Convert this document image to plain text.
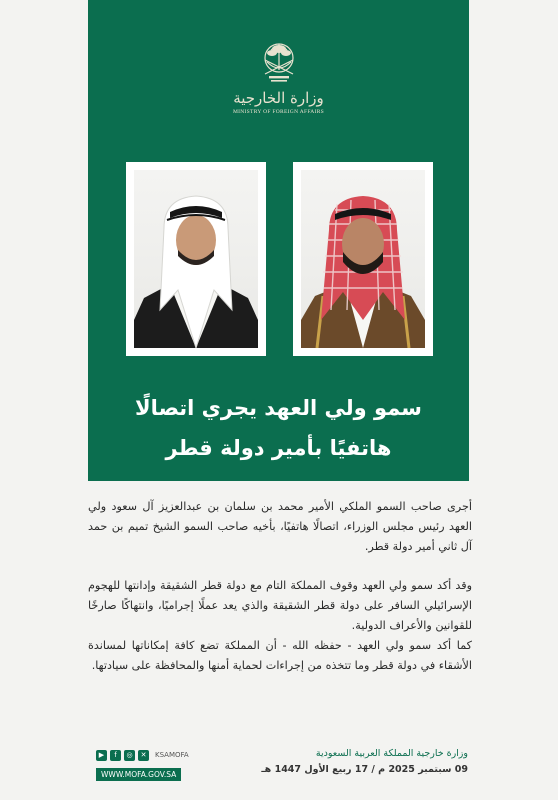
وزارة الخارجية
MINISTRY OF FOREIGN AFFAIRS
سمو ولي العهد يجري اتصالًا
هاتفيًا بأمير دولة قطر

أجرى صاحب السمو الملكي الأمير محمد بن سلمان بن عبدالعزيز آل سعود ولي العهد رئيس مجلس الوزراء، اتصالًا هاتفيًا، بأخيه صاحب السمو الشيخ تميم بن حمد آل ثاني أمير دولة قطر.

وقد أكد سمو ولي العهد وقوف المملكة التام مع دولة قطر الشقيقة وإدانتها للهجوم الإسرائيلي السافر على دولة قطر الشقيقة والذي يعد عملًا إجراميًا، وانتهاكًا صارخًا للقوانين والأعراف الدولية.

كما أكد سمو ولي العهد - حفظه الله - أن المملكة تضع كافة إمكاناتها لمساندة الأشقاء في دولة قطر وما تتخذه من إجراءات لحماية أمنها والمحافظة على سيادتها.

▶	f	◎	✕	KSAMOFA
WWW.MOFA.GOV.SA
وزارة خارجية المملكة العربية السعودية
09 سبتمبر 2025 م / 17 ربيع الأول 1447 هـ
